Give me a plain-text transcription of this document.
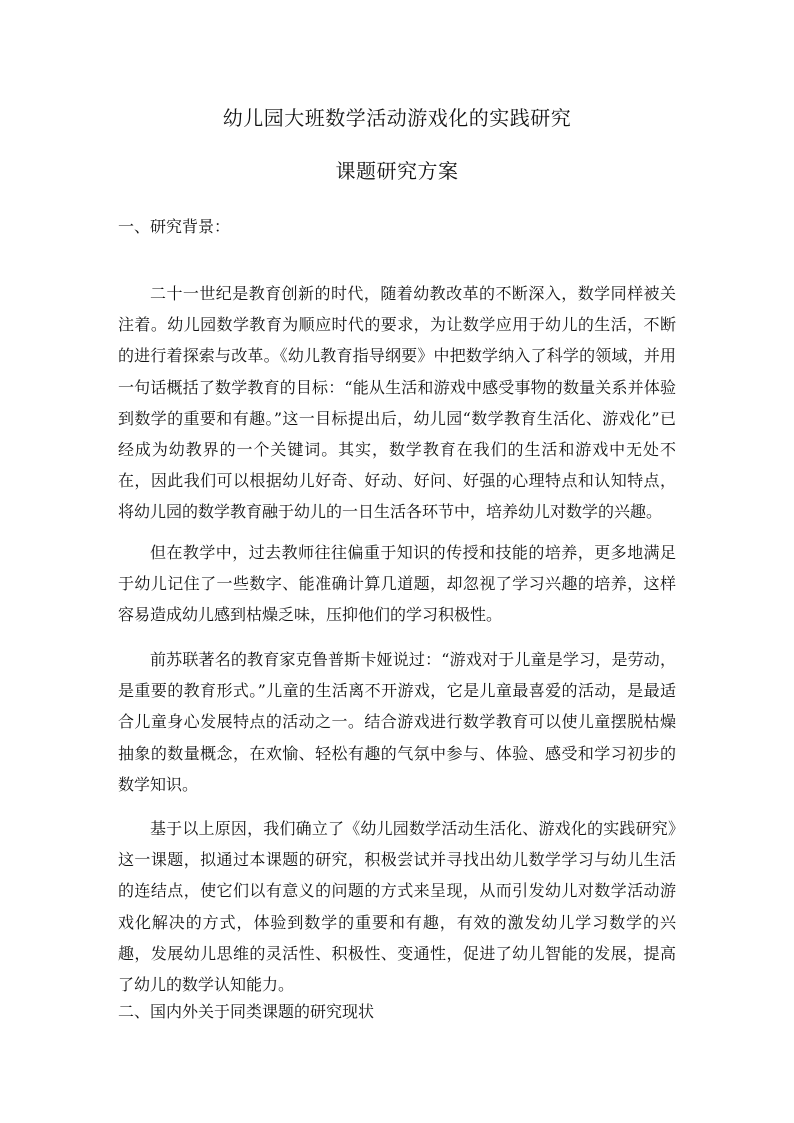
幼儿园大班数学活动游戏化的实践研究
课题研究方案
一、研究背景：

二十一世纪是教育创新的时代，随着幼教改革的不断深入，数学同样被关注着。幼儿园数学教育为顺应时代的要求，为让数学应用于幼儿的生活，不断的进行着探索与改革。《幼儿教育指导纲要》中把数学纳入了科学的领域，并用一句话概括了数学教育的目标：“能从生活和游戏中感受事物的数量关系并体验到数学的重要和有趣。”这一目标提出后，幼儿园“数学教育生活化、游戏化”已经成为幼教界的一个关键词。其实，数学教育在我们的生活和游戏中无处不在，因此我们可以根据幼儿好奇、好动、好问、好强的心理特点和认知特点，将幼儿园的数学教育融于幼儿的一日生活各环节中，培养幼儿对数学的兴趣。

但在教学中，过去教师往往偏重于知识的传授和技能的培养，更多地满足于幼儿记住了一些数字、能准确计算几道题，却忽视了学习兴趣的培养，这样容易造成幼儿感到枯燥乏味，压抑他们的学习积极性。

前苏联著名的教育家克鲁普斯卡娅说过：“游戏对于儿童是学习，是劳动，是重要的教育形式。”儿童的生活离不开游戏，它是儿童最喜爱的活动，是最适合儿童身心发展特点的活动之一。结合游戏进行数学教育可以使儿童摆脱枯燥抽象的数量概念，在欢愉、轻松有趣的气氛中参与、体验、感受和学习初步的数学知识。

基于以上原因，我们确立了《幼儿园数学活动生活化、游戏化的实践研究》这一课题，拟通过本课题的研究，积极尝试并寻找出幼儿数学学习与幼儿生活的连结点，使它们以有意义的问题的方式来呈现，从而引发幼儿对数学活动游戏化解决的方式，体验到数学的重要和有趣，有效的激发幼儿学习数学的兴趣，发展幼儿思维的灵活性、积极性、变通性，促进了幼儿智能的发展，提高了幼儿的数学认知能力。

二、国内外关于同类课题的研究现状
